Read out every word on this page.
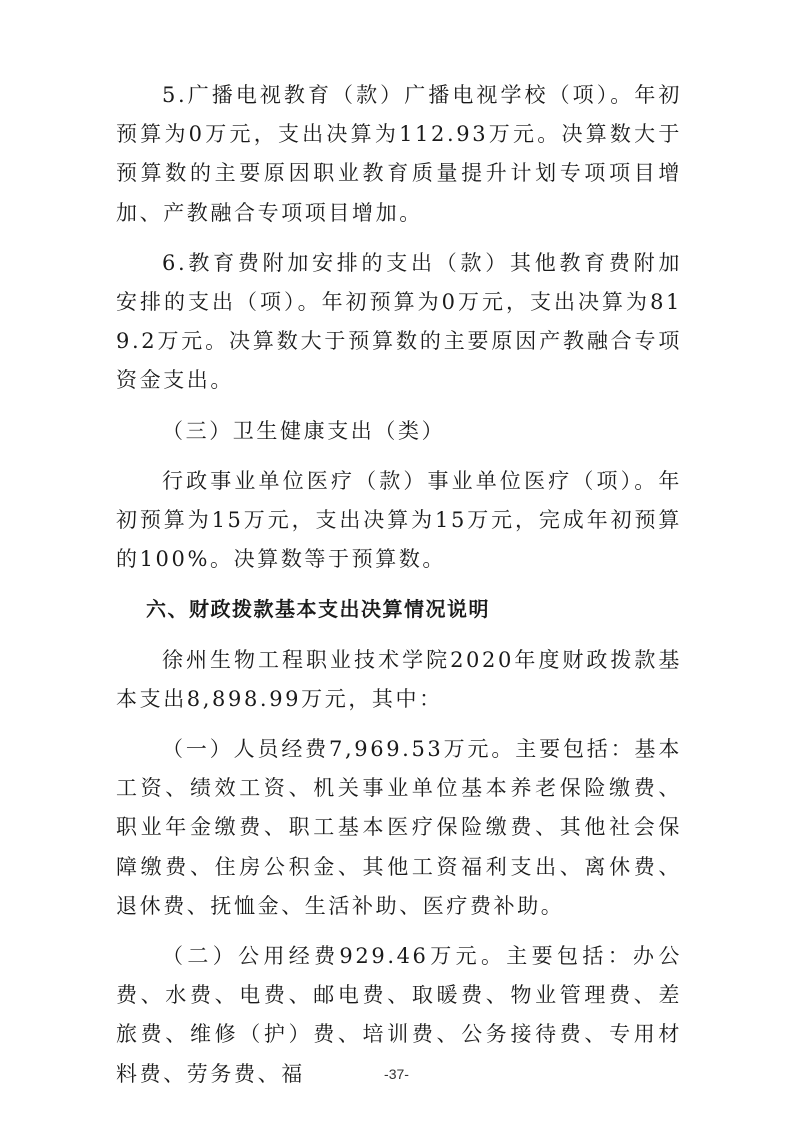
5.广播电视教育（款）广播电视学校（项）。年初预算为0万元，支出决算为112.93万元。决算数大于预算数的主要原因职业教育质量提升计划专项项目增加、产教融合专项项目增加。

6.教育费附加安排的支出（款）其他教育费附加安排的支出（项）。年初预算为0万元，支出决算为819.2万元。决算数大于预算数的主要原因产教融合专项资金支出。

（三）卫生健康支出（类）

行政事业单位医疗（款）事业单位医疗（项）。年初预算为15万元，支出决算为15万元，完成年初预算的100%。决算数等于预算数。

六、财政拨款基本支出决算情况说明

徐州生物工程职业技术学院2020年度财政拨款基本支出8,898.99万元，其中：

（一）人员经费7,969.53万元。主要包括：基本工资、绩效工资、机关事业单位基本养老保险缴费、职业年金缴费、职工基本医疗保险缴费、其他社会保障缴费、住房公积金、其他工资福利支出、离休费、退休费、抚恤金、生活补助、医疗费补助。

（二）公用经费929.46万元。主要包括：办公费、水费、电费、邮电费、取暖费、物业管理费、差旅费、维修（护）费、培训费、公务接待费、专用材料费、劳务费、福	-37-
